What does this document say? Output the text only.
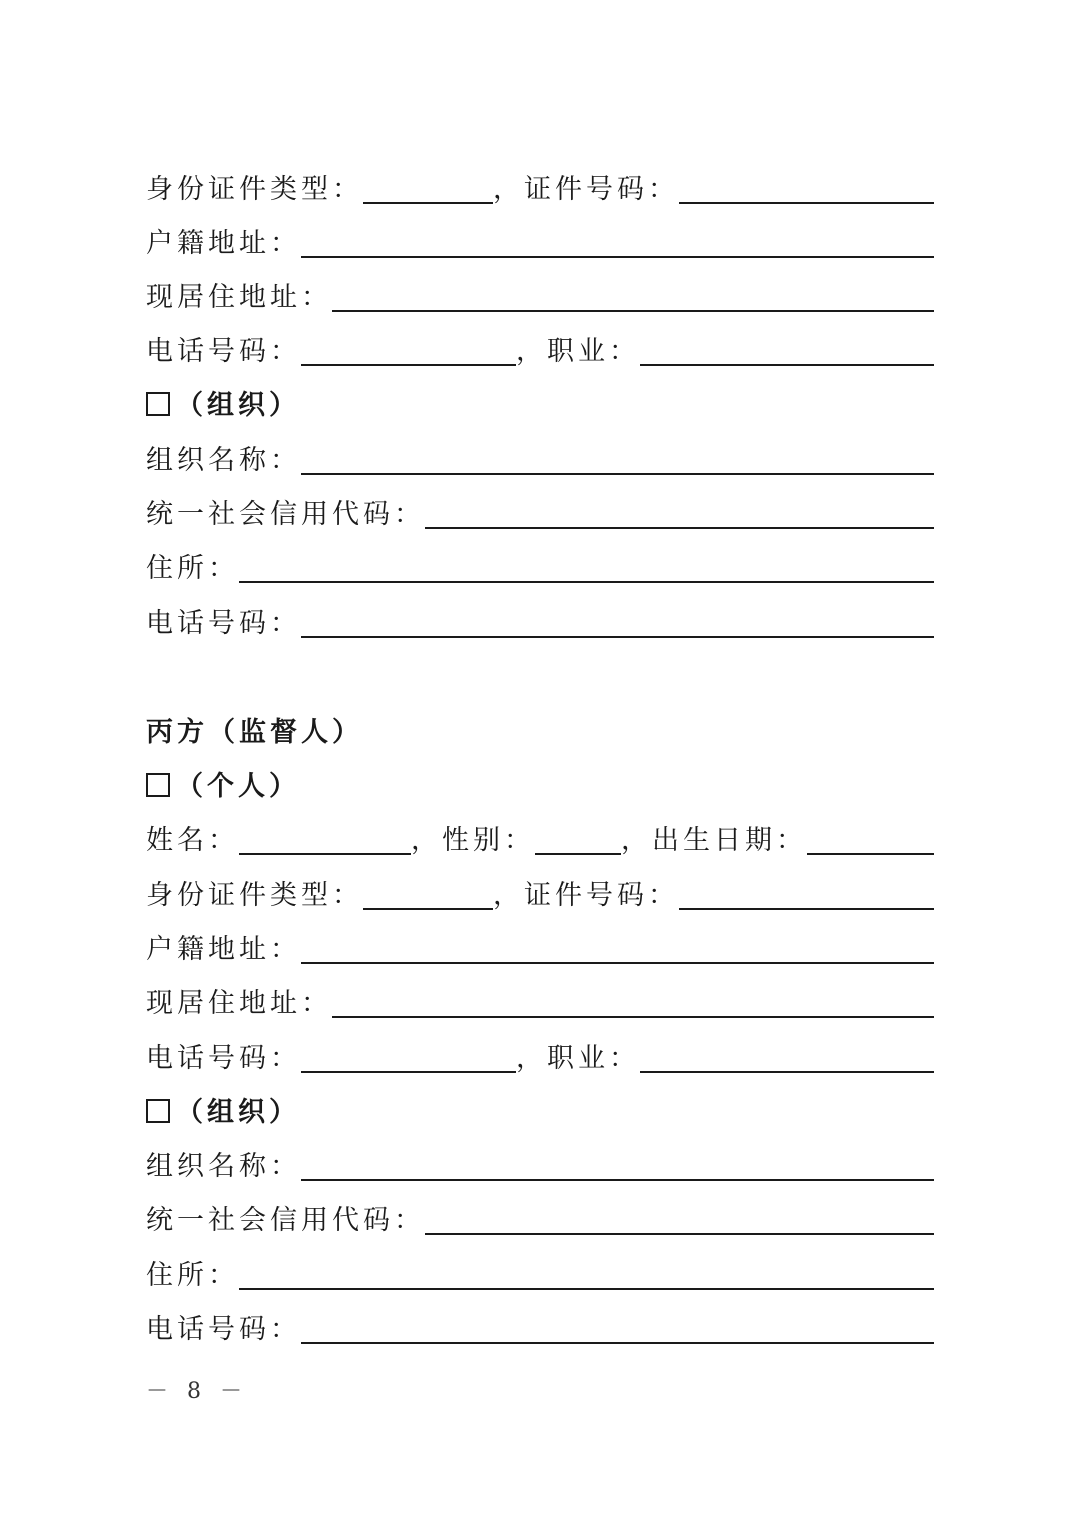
身份证件类型：	， 证件号码：
户籍地址：
现居住地址：
电话号码：	， 职业：
（组织）
组织名称：
统一社会信用代码：
住所：
电话号码：
丙方（监督人）
（个人）
姓名：	， 性别：	， 出生日期：
身份证件类型：	， 证件号码：
户籍地址：
现居住地址：
电话号码：	， 职业：
（组织）
组织名称：
统一社会信用代码：
住所：
电话号码：
－ 8 －
